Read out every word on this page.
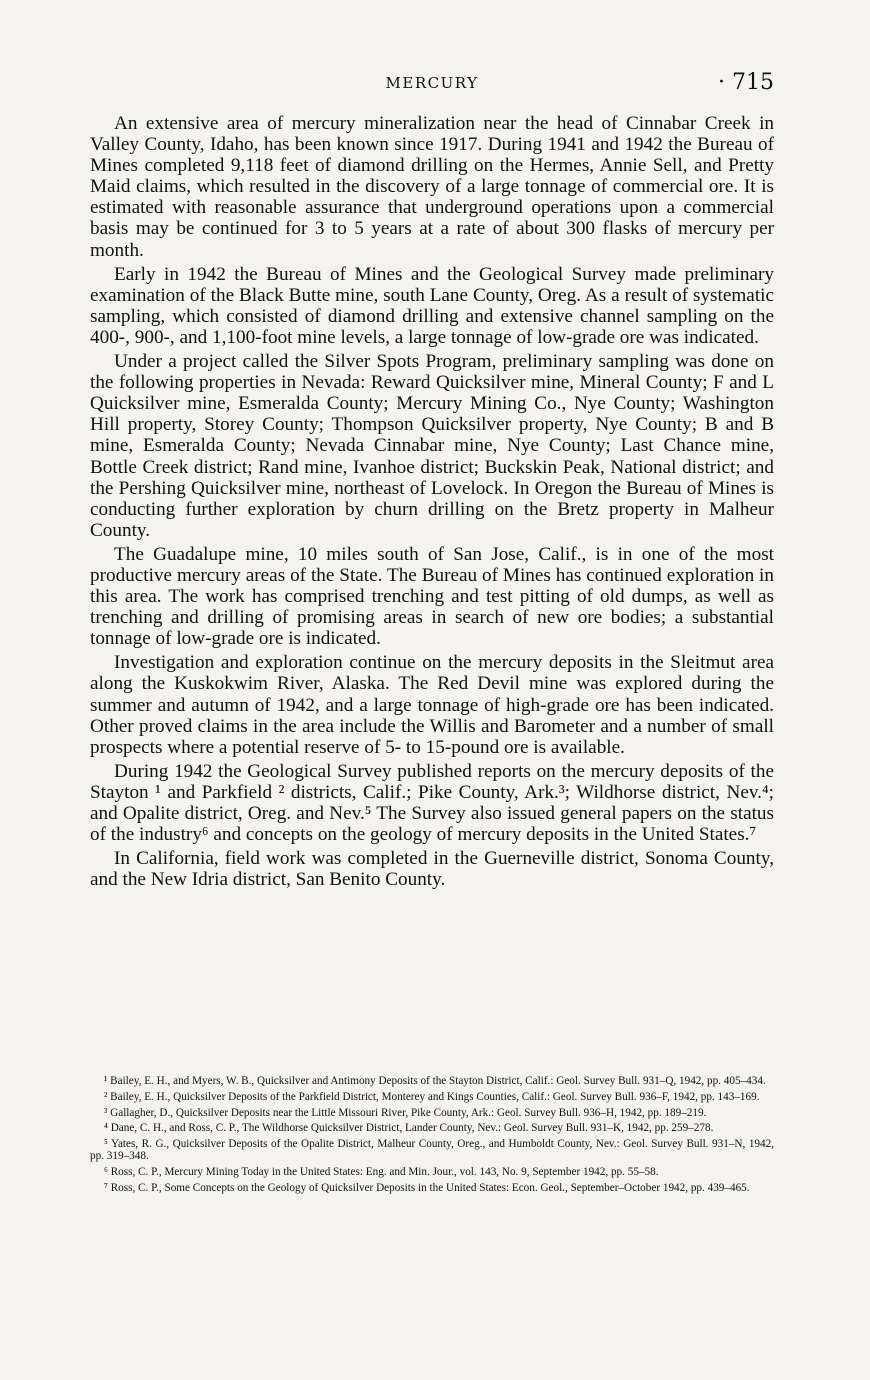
MERCURY	· 715

An extensive area of mercury mineralization near the head of Cinnabar Creek in Valley County, Idaho, has been known since 1917. During 1941 and 1942 the Bureau of Mines completed 9,118 feet of diamond drilling on the Hermes, Annie Sell, and Pretty Maid claims, which resulted in the discovery of a large tonnage of commercial ore. It is estimated with reasonable assurance that underground operations upon a commercial basis may be continued for 3 to 5 years at a rate of about 300 flasks of mercury per month.

Early in 1942 the Bureau of Mines and the Geological Survey made preliminary examination of the Black Butte mine, south Lane County, Oreg. As a result of systematic sampling, which consisted of diamond drilling and extensive channel sampling on the 400-, 900-, and 1,100-foot mine levels, a large tonnage of low-grade ore was indicated.

Under a project called the Silver Spots Program, preliminary sampling was done on the following properties in Nevada: Reward Quicksilver mine, Mineral County; F and L Quicksilver mine, Esmeralda County; Mercury Mining Co., Nye County; Washington Hill property, Storey County; Thompson Quicksilver property, Nye County; B and B mine, Esmeralda County; Nevada Cinnabar mine, Nye County; Last Chance mine, Bottle Creek district; Rand mine, Ivanhoe district; Buckskin Peak, National district; and the Pershing Quicksilver mine, northeast of Lovelock. In Oregon the Bureau of Mines is conducting further exploration by churn drilling on the Bretz property in Malheur County.

The Guadalupe mine, 10 miles south of San Jose, Calif., is in one of the most productive mercury areas of the State. The Bureau of Mines has continued exploration in this area. The work has comprised trenching and test pitting of old dumps, as well as trenching and drilling of promising areas in search of new ore bodies; a substantial tonnage of low-grade ore is indicated.

Investigation and exploration continue on the mercury deposits in the Sleitmut area along the Kuskokwim River, Alaska. The Red Devil mine was explored during the summer and autumn of 1942, and a large tonnage of high-grade ore has been indicated. Other proved claims in the area include the Willis and Barometer and a number of small prospects where a potential reserve of 5- to 15-pound ore is available.

During 1942 the Geological Survey published reports on the mercury deposits of the Stayton ¹ and Parkfield ² districts, Calif.; Pike County, Ark.³; Wildhorse district, Nev.⁴; and Opalite district, Oreg. and Nev.⁵ The Survey also issued general papers on the status of the industry⁶ and concepts on the geology of mercury deposits in the United States.⁷

In California, field work was completed in the Guerneville district, Sonoma County, and the New Idria district, San Benito County.

¹ Bailey, E. H., and Myers, W. B., Quicksilver and Antimony Deposits of the Stayton District, Calif.: Geol. Survey Bull. 931–Q, 1942, pp. 405–434.

² Bailey, E. H., Quicksilver Deposits of the Parkfield District, Monterey and Kings Counties, Calif.: Geol. Survey Bull. 936–F, 1942, pp. 143–169.

³ Gallagher, D., Quicksilver Deposits near the Little Missouri River, Pike County, Ark.: Geol. Survey Bull. 936–H, 1942, pp. 189–219.

⁴ Dane, C. H., and Ross, C. P., The Wildhorse Quicksilver District, Lander County, Nev.: Geol. Survey Bull. 931–K, 1942, pp. 259–278.

⁵ Yates, R. G., Quicksilver Deposits of the Opalite District, Malheur County, Oreg., and Humboldt County, Nev.: Geol. Survey Bull. 931–N, 1942, pp. 319–348.

⁶ Ross, C. P., Mercury Mining Today in the United States: Eng. and Min. Jour., vol. 143, No. 9, September 1942, pp. 55–58.

⁷ Ross, C. P., Some Concepts on the Geology of Quicksilver Deposits in the United States: Econ. Geol., September–October 1942, pp. 439–465.
